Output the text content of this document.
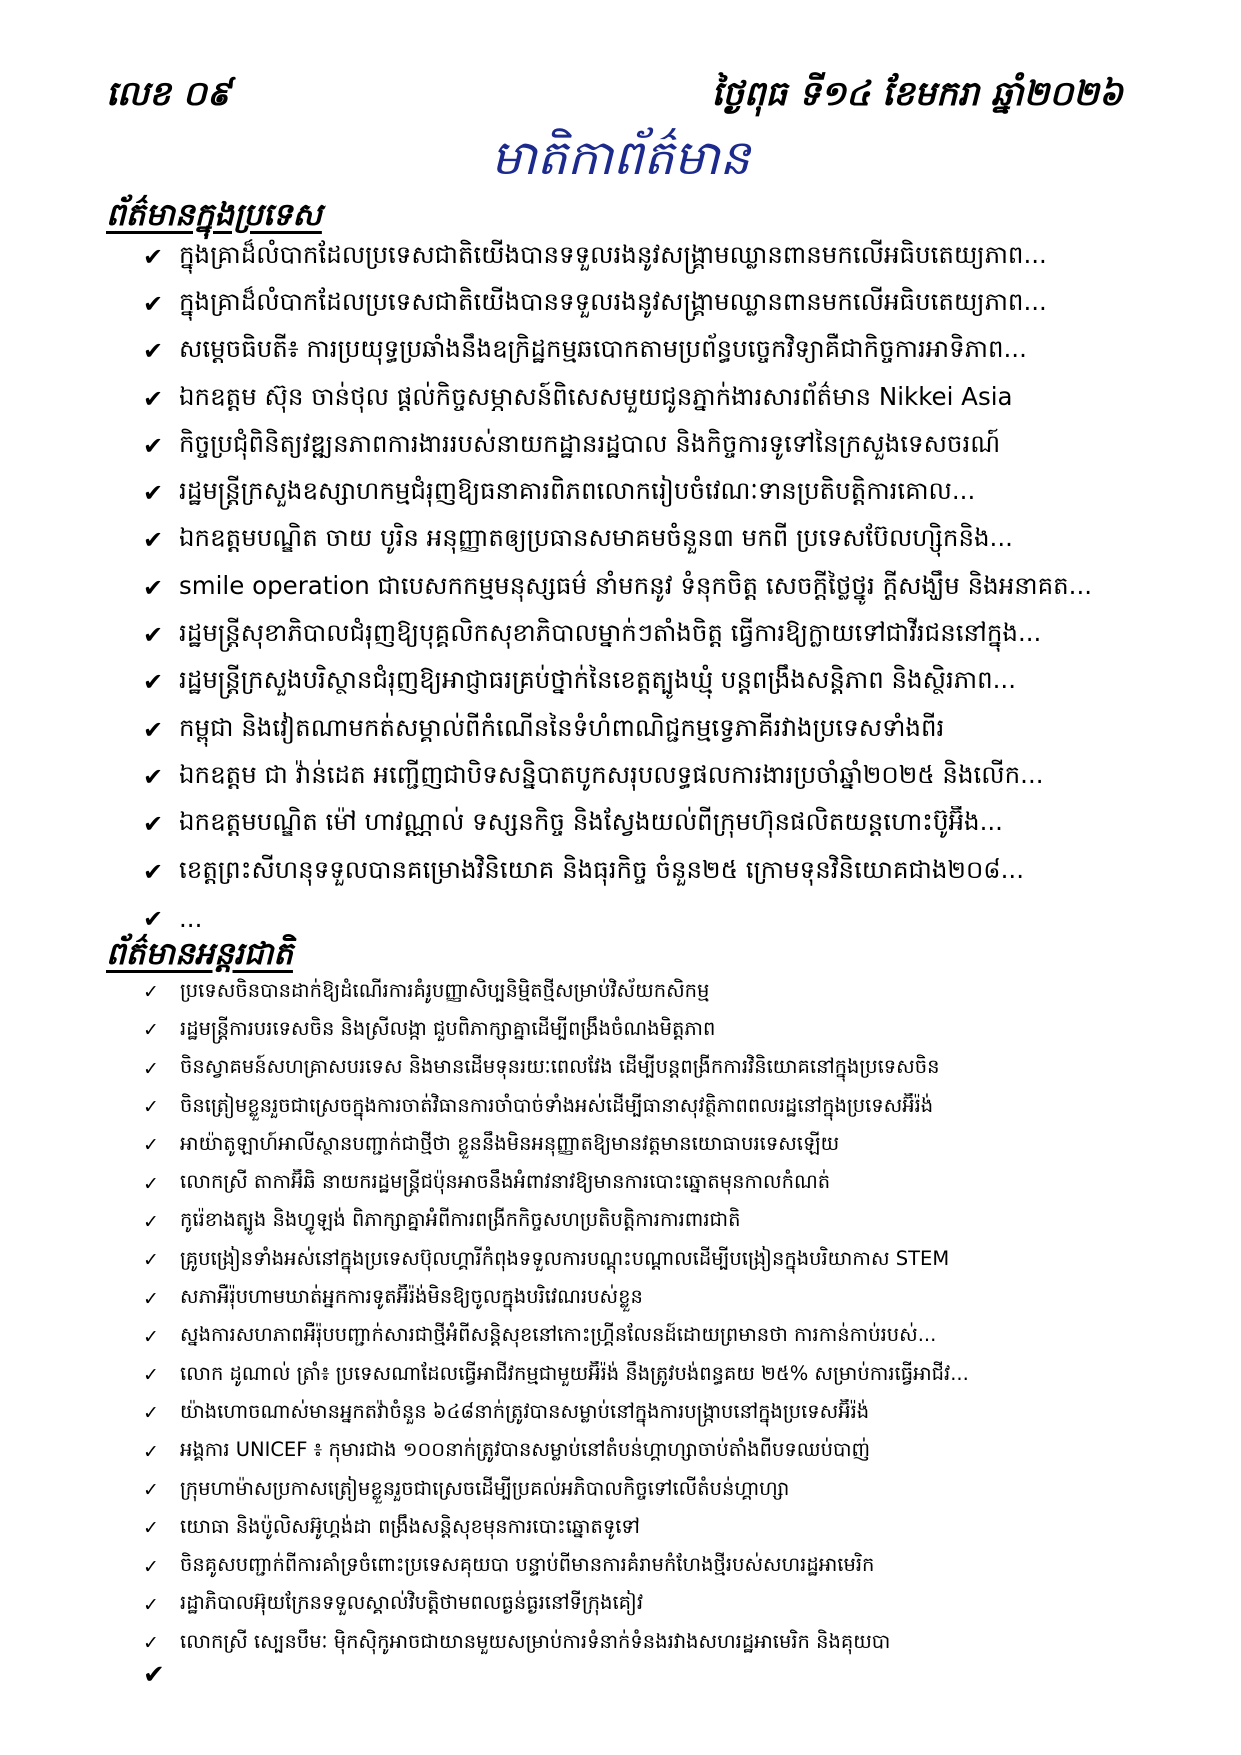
លេខ ០៩	ថ្ងៃពុធ ទី១៤ ខែមករា ឆ្នាំ២០២៦
មាតិកាព័ត៌មាន
ព័ត៌មានក្នុងប្រទេស
✔ ក្នុងគ្រាដ៏លំបាកដែលប្រទេសជាតិយើងបានទទួលរងនូវសង្គ្រាមឈ្លានពានមកលើអធិបតេយ្យភាព...
✔ ក្នុងគ្រាដ៏លំបាកដែលប្រទេសជាតិយើងបានទទួលរងនូវសង្គ្រាមឈ្លានពានមកលើអធិបតេយ្យភាព...
✔ សម្តេចធិបតី៖ ការប្រយុទ្ធប្រឆាំងនឹងឧក្រិដ្ឋកម្មឆបោកតាមប្រព័ន្ធបច្ចេកវិទ្យាគឺជាកិច្ចការអាទិភាព...
✔ ឯកឧត្តម ស៊ុន ចាន់ថុល ផ្តល់កិច្ចសម្ភាសន៍ពិសេសមួយជូនភ្នាក់ងារសារព័ត៌មាន Nikkei Asia
✔ កិច្ចប្រជុំពិនិត្យវឌ្ឍនភាពការងាររបស់នាយកដ្ឋានរដ្ឋបាល និងកិច្ចការទូទៅនៃក្រសួងទេសចរណ៍
✔ រដ្ឋមន្ត្រីក្រសួងឧស្សាហកម្មជំរុញឱ្យធនាគារពិភពលោករៀបចំវេណៈទានប្រតិបត្តិការគោល...
✔ ឯកឧត្តមបណ្ឌិត ចាយ បូរិន អនុញ្ញាតឲ្យប្រធានសមាគមចំនួន៣ មកពី ប្រទេសប៊ែលហ្ស៊ិកនិង...
✔ smile operation ជាបេសកកម្មមនុស្សធម៌ នាំមកនូវ ទំនុកចិត្ត សេចក្តីថ្លៃថ្នូរ ក្តីសង្ឃឹម និងអនាគត...
✔ រដ្ឋមន្ត្រីសុខាភិបាលជំរុញឱ្យបុគ្គលិកសុខាភិបាលម្នាក់ៗតាំងចិត្ត ធ្វើការឱ្យក្លាយទៅជាវីរជននៅក្នុង...
✔ រដ្ឋមន្ត្រីក្រសួងបរិស្ថានជំរុញឱ្យអាជ្ញាធរគ្រប់ថ្នាក់នៃខេត្តត្បូងឃ្មុំ បន្តពង្រឹងសន្តិភាព និងស្ថិរភាព...
✔ កម្ពុជា និងវៀតណាមកត់សម្គាល់ពីកំណើននៃទំហំពាណិជ្ជកម្មទ្វេភាគីរវាងប្រទេសទាំងពីរ
✔ ឯកឧត្តម ជា វ៉ាន់ដេត អញ្ជើញជាបិទសន្និបាតបូកសរុបលទ្ធផលការងារប្រចាំឆ្នាំ២០២៥ និងលើក...
✔ ឯកឧត្តមបណ្ឌិត ម៉ៅ ហាវណ្ណាល់ ទស្សនកិច្ច និងស្វែងយល់ពីក្រុមហ៊ុនផលិតយន្តហោះប៊ូអ៊ីង...
✔ ខេត្តព្រះសីហនុទទួលបានគម្រោងវិនិយោគ និងធុរកិច្ច ចំនួន២៥ ក្រោមទុនវិនិយោគជាង២០៨...
✔ ...
ព័ត៌មានអន្តរជាតិ
✓	ប្រទេសចិនបានដាក់ឱ្យដំណើរការគំរូបញ្ញាសិប្បនិម្មិតថ្មីសម្រាប់វិស័យកសិកម្ម
✓	រដ្ឋមន្ត្រីការបរទេសចិន និងស្រីលង្កា ជួបពិភាក្សាគ្នាដើម្បីពង្រឹងចំណងមិត្តភាព
✓	ចិនស្វាគមន៍សហគ្រាសបរទេស និងមានដើមទុនរយៈពេលវែង ដើម្បីបន្តពង្រីកការវិនិយោគនៅក្នុងប្រទេសចិន
✓	ចិនត្រៀមខ្លួនរួចជាស្រេចក្នុងការចាត់វិធានការចាំបាច់ទាំងអស់ដើម្បីធានាសុវត្ថិភាពពលរដ្ឋនៅក្នុងប្រទេសអ៊ីរ៉ង់
✓	អាយ៉ាតូឡាហ៍អាលីស្ថានបញ្ជាក់ជាថ្មីថា ខ្លួននឹងមិនអនុញ្ញាតឱ្យមានវត្តមានយោធាបរទេសឡើយ
✓	លោកស្រី តាកាអ៊ីឆិ នាយករដ្ឋមន្ត្រីជប៉ុនអាចនឹងអំពាវនាវឱ្យមានការបោះឆ្នោតមុនកាលកំណត់
✓	កូរ៉េខាងត្បូង និងហ្វូឡង់ ពិភាក្សាគ្នាអំពីការពង្រីកកិច្ចសហប្រតិបត្តិការការពារជាតិ
✓	គ្រូបង្រៀនទាំងអស់នៅក្នុងប្រទេសប៊ុលហ្គារីកំពុងទទួលការបណ្តុះបណ្តាលដើម្បីបង្រៀនក្នុងបរិយាកាស STEM
✓	សភាអឺរ៉ុបហាមឃាត់អ្នកការទូតអ៊ីរ៉ង់មិនឱ្យចូលក្នុងបរិវេណរបស់ខ្លួន
✓	ស្នងការសហភាពអឺរ៉ុបបញ្ជាក់សារជាថ្មីអំពីសន្តិសុខនៅកោះហ្គ្រីនលែនដ៍ដោយព្រមានថា ការកាន់កាប់របស់...
✓	លោក ដូណាល់ ត្រាំ៖ ប្រទេសណាដែលធ្វើអាជីវកម្មជាមួយអ៊ីរ៉ង់ នឹងត្រូវបង់ពន្ធគយ ២៥% សម្រាប់ការធ្វើអាជីវ...
✓	យ៉ាងហោចណាស់មានអ្នកតវ៉ាចំនួន ៦៤៨នាក់ត្រូវបានសម្លាប់នៅក្នុងការបង្រ្កាបនៅក្នុងប្រទេសអ៊ីរ៉ង់
✓	អង្គការ UNICEF ៖ កុមារជាង ១០០នាក់ត្រូវបានសម្លាប់នៅតំបន់ហ្គាហ្សាចាប់តាំងពីបទឈប់បាញ់
✓	ក្រុមហាម៉ាសប្រកាសត្រៀមខ្លួនរួចជាស្រេចដើម្បីប្រគល់អភិបាលកិច្ចទៅលើតំបន់ហ្គាហ្សា
✓	យោធា និងប៉ូលិសអ៊ូហ្គង់ដា ពង្រឹងសន្តិសុខមុនការបោះឆ្នោតទូទៅ
✓	ចិនគូសបញ្ជាក់ពីការគាំទ្រចំពោះប្រទេសគុយបា បន្ទាប់ពីមានការគំរាមកំហែងថ្មីរបស់សហរដ្ឋអាមេរិក
✓	រដ្ឋាភិបាលអ៊ុយក្រែនទទួលស្គាល់វិបត្តិថាមពលធ្ងន់ធ្ងរនៅទីក្រុងគៀវ
✓	លោកស្រី ស្បេនបឹមៈ ម៉ិកស៊ិកូអាចជាយានមួយសម្រាប់ការទំនាក់ទំនងរវាងសហរដ្ឋអាមេរិក និងគុយបា
✔
